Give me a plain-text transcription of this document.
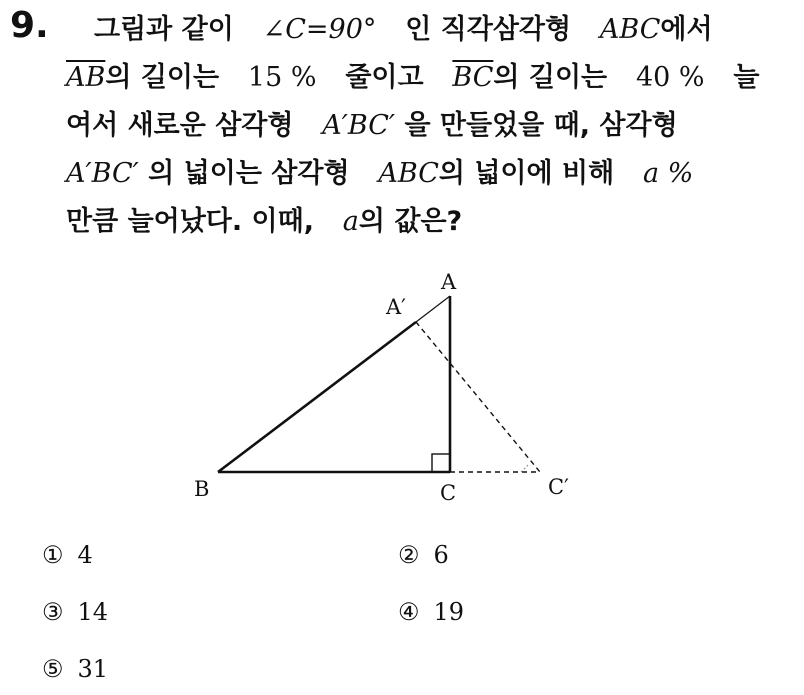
9.	그림과 같이 ∠C=90° 인 직각삼각형 ABC에서
$\overline{AB}$의 길이는 15 % 줄이고 $\overline{BC}$의 길이는 40 % 늘
여서 새로운 삼각형 A′BC′ 을 만들었을 때, 삼각형
A′BC′ 의 넓이는 삼각형 ABC의 넓이에 비해 a %
만큼 늘어났다. 이때, a의 값은?
A
A′
B	C	C′
① 4	② 6
③ 14	④ 19
⑤ 31
